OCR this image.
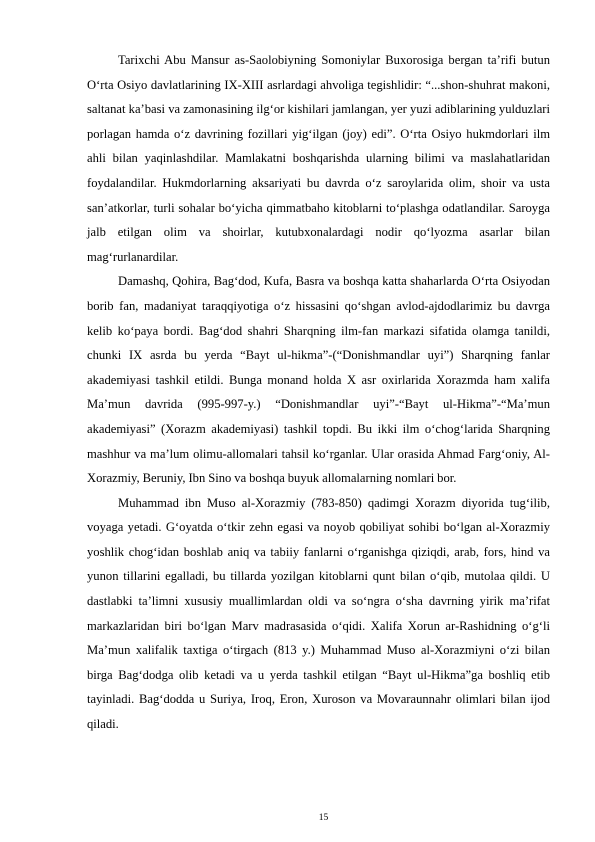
Tarixchi Abu Mansur as-Saolobiyning Somoniylar Buxorosiga bergan ta’rifi butun O‘rta Osiyo davlatlarining IX-XIII asrlardagi ahvoliga tegishlidir: “...shon-shuhrat makoni, saltanat ka’basi va zamonasining ilg‘or kishilari jamlangan, yer yuzi adiblarining yulduzlari porlagan hamda o‘z davrining fozillari yig‘ilgan (joy) edi”. O‘rta Osiyo hukmdorlari ilm ahli bilan yaqinlashdilar. Mamlakatni boshqarishda ularning bilimi va maslahatlaridan foydalandilar. Hukmdorlarning aksariyati bu davrda o‘z saroylarida olim, shoir va usta san’atkorlar, turli sohalar bo‘yicha qimmatbaho kitoblarni to‘plashga odatlandilar. Saroyga jalb etilgan olim va shoirlar, kutubxonalardagi nodir qo‘lyozma asarlar bilan mag‘rurlanardilar.

Damashq, Qohira, Bag‘dod, Kufa, Basra va boshqa katta shaharlarda O‘rta Osiyodan borib fan, madaniyat taraqqiyotiga o‘z hissasini qo‘shgan avlod-ajdodlarimiz bu davrga kelib ko‘paya bordi. Bag‘dod shahri Sharqning ilm-fan markazi sifatida olamga tanildi, chunki IX asrda bu yerda “Bayt ul-hikma”-(“Donishmandlar uyi”) Sharqning fanlar akademiyasi tashkil etildi. Bunga monand holda X asr oxirlarida Xorazmda ham xalifa Ma’mun davrida (995-997-y.) “Donishmandlar uyi”-“Bayt ul-Hikma”-“Ma’mun akademiyasi” (Xorazm akademiyasi) tashkil topdi. Bu ikki ilm o‘chog‘larida Sharqning mashhur va ma’lum olimu-allomalari tahsil ko‘rganlar. Ular orasida Ahmad Farg‘oniy, Al-Xorazmiy, Beruniy, Ibn Sino va boshqa buyuk allomalarning nomlari bor.

Muhammad ibn Muso al-Xorazmiy (783-850) qadimgi Xorazm diyorida tug‘ilib, voyaga yetadi. G‘oyatda o‘tkir zehn egasi va noyob qobiliyat sohibi bo‘lgan al-Xorazmiy yoshlik chog‘idan boshlab aniq va tabiiy fanlarni o‘rganishga qiziqdi, arab, fors, hind va yunon tillarini egalladi, bu tillarda yozilgan kitoblarni qunt bilan o‘qib, mutolaa qildi. U dastlabki ta’limni xususiy muallimlardan oldi va so‘ngra o‘sha davrning yirik ma’rifat markazlaridan biri bo‘lgan Marv madrasasida o‘qidi. Xalifa Xorun ar-Rashidning o‘g‘li Ma’mun xalifalik taxtiga o‘tirgach (813 y.) Muhammad Muso al-Xorazmiyni o‘zi bilan birga Bag‘dodga olib ketadi va u yerda tashkil etilgan “Bayt ul-Hikma”ga boshliq etib tayinladi. Bag‘dodda u Suriya, Iroq, Eron, Xuroson va Movaraunnahr olimlari bilan ijod qiladi.

15
